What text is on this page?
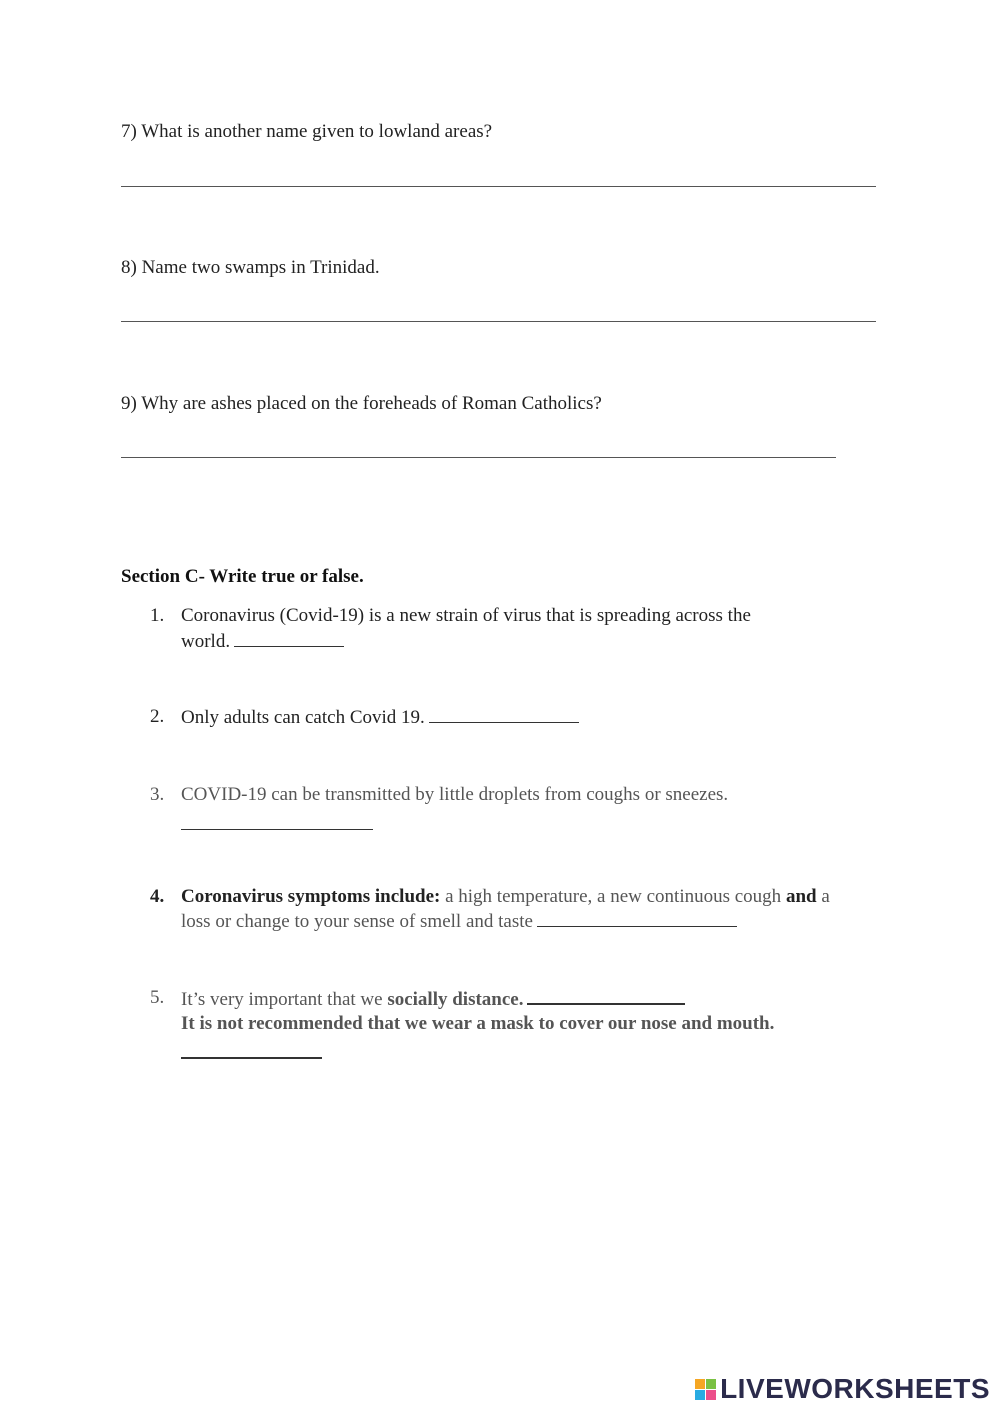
7) What is another name given to lowland areas?
8) Name two swamps in Trinidad.
9) Why are ashes placed on the foreheads of Roman Catholics?
Section C- Write true or false.
1. Coronavirus (Covid-19) is a new strain of virus that is spreading across the
world.
2. Only adults can catch Covid 19.
3. COVID-19 can be transmitted by little droplets from coughs or sneezes.
4. Coronavirus symptoms include: a high temperature, a new continuous cough and a
loss or change to your sense of smell and taste
5. It’s very important that we socially distance.
It is not recommended that we wear a mask to cover our nose and mouth.
LIVEWORKSHEETS
